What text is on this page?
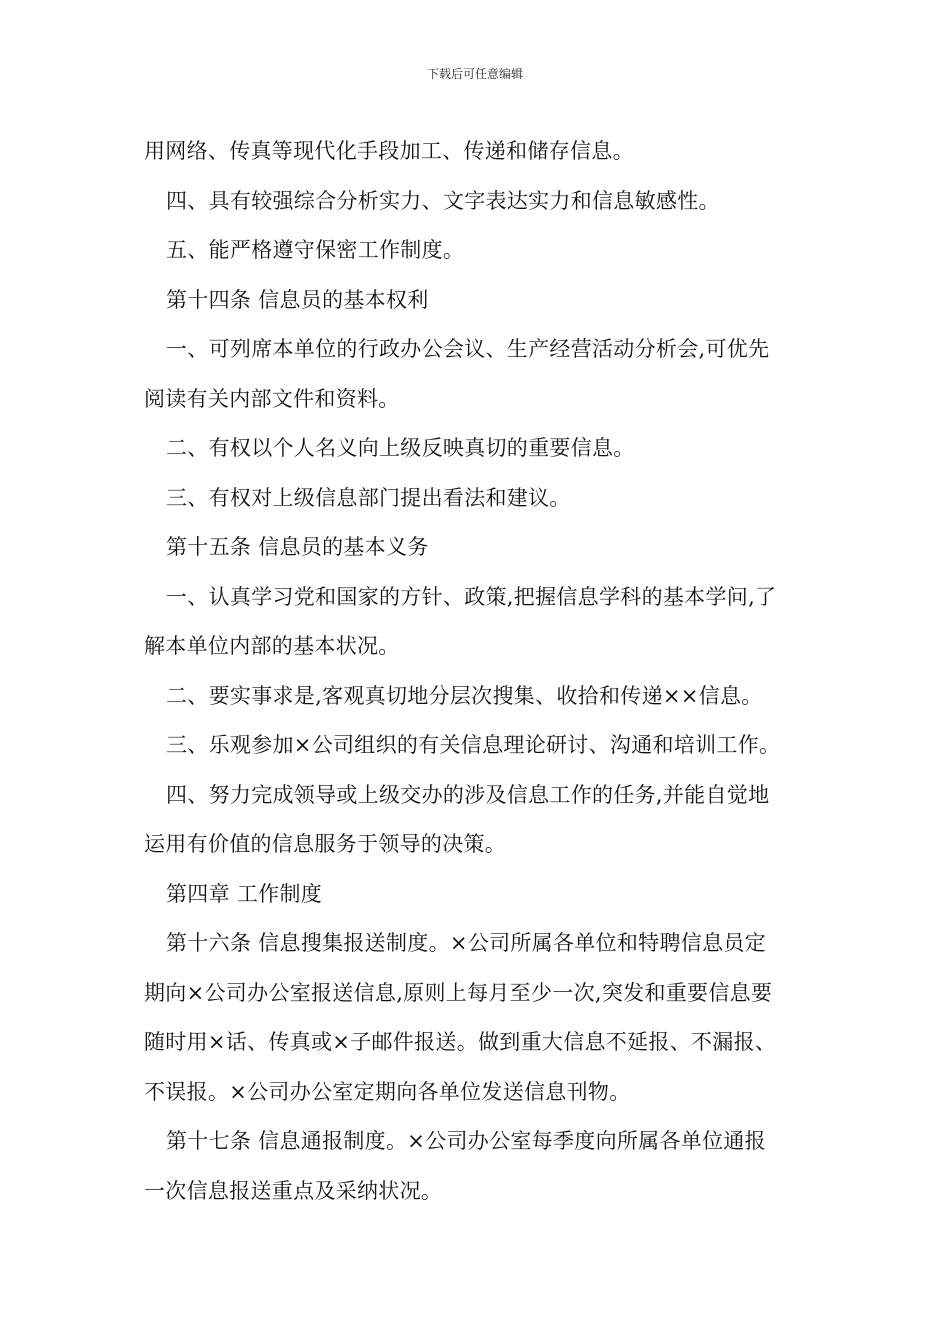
下载后可任意编辑

用网络、传真等现代化手段加工、传递和储存信息。

四、具有较强综合分析实力、文字表达实力和信息敏感性。

五、能严格遵守保密工作制度。

第十四条 信息员的基本权利

一、可列席本单位的行政办公会议、生产经营活动分析会,可优先

阅读有关内部文件和资料。

二、有权以个人名义向上级反映真切的重要信息。

三、有权对上级信息部门提出看法和建议。

第十五条 信息员的基本义务

一、认真学习党和国家的方针、政策,把握信息学科的基本学问,了

解本单位内部的基本状况。

二、要实事求是,客观真切地分层次搜集、收拾和传递××信息。

三、乐观参加×公司组织的有关信息理论研讨、沟通和培训工作。

四、努力完成领导或上级交办的涉及信息工作的任务,并能自觉地

运用有价值的信息服务于领导的决策。

第四章 工作制度

第十六条 信息搜集报送制度。×公司所属各单位和特聘信息员定

期向×公司办公室报送信息,原则上每月至少一次,突发和重要信息要

随时用×话、传真或×子邮件报送。做到重大信息不延报、不漏报、

不误报。×公司办公室定期向各单位发送信息刊物。

第十七条 信息通报制度。×公司办公室每季度向所属各单位通报

一次信息报送重点及采纳状况。
